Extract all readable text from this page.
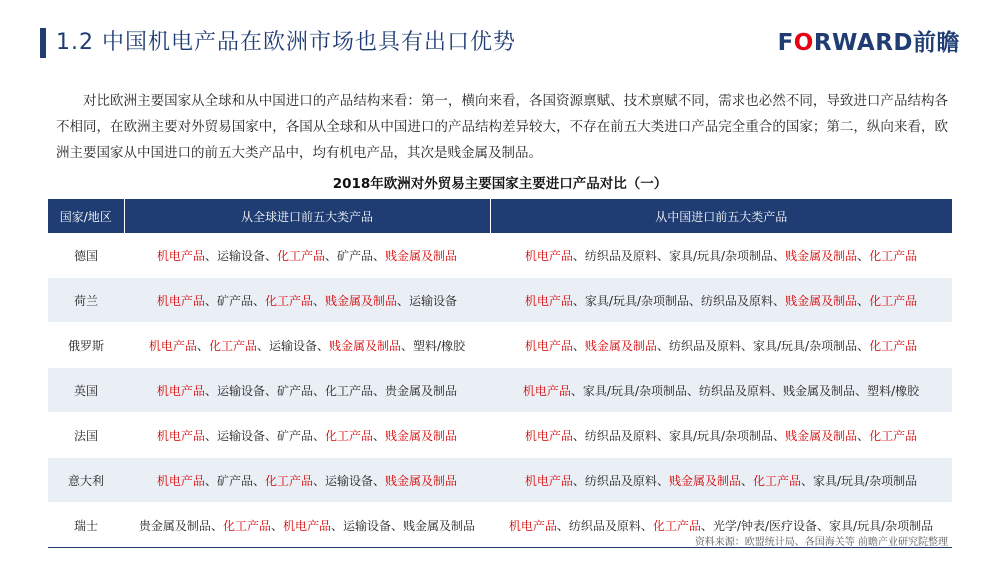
1.2 中国机电产品在欧洲市场也具有出口优势	FORWARD前瞻

对比欧洲主要国家从全球和从中国进口的产品结构来看：第一，横向来看，各国资源禀赋、技术禀赋不同，需求也必然不同，导致进口产品结构各不相同，在欧洲主要对外贸易国家中，各国从全球和从中国进口的产品结构差异较大，不存在前五大类进口产品完全重合的国家；第二，纵向来看，欧洲主要国家从中国进口的前五大类产品中，均有机电产品，其次是贱金属及制品。

2018年欧洲对外贸易主要国家主要进口产品对比（一）
国家/地区	从全球进口前五大类产品	从中国进口前五大类产品
德国	机电产品、运输设备、化工产品、矿产品、贱金属及制品	机电产品、纺织品及原料、家具/玩具/杂项制品、贱金属及制品、化工产品
荷兰	机电产品、矿产品、化工产品、贱金属及制品、运输设备	机电产品、家具/玩具/杂项制品、纺织品及原料、贱金属及制品、化工产品
俄罗斯	机电产品、化工产品、运输设备、贱金属及制品、塑料/橡胶	机电产品、贱金属及制品、纺织品及原料、家具/玩具/杂项制品、化工产品
英国	机电产品、运输设备、矿产品、化工产品、贵金属及制品	机电产品、家具/玩具/杂项制品、纺织品及原料、贱金属及制品、塑料/橡胶
法国	机电产品、运输设备、矿产品、化工产品、贱金属及制品	机电产品、纺织品及原料、家具/玩具/杂项制品、贱金属及制品、化工产品
意大利	机电产品、矿产品、化工产品、运输设备、贱金属及制品	机电产品、纺织品及原料、贱金属及制品、化工产品、家具/玩具/杂项制品
瑞士	贵金属及制品、化工产品、机电产品、运输设备、贱金属及制品	机电产品、纺织品及原料、化工产品、光学/钟表/医疗设备、家具/玩具/杂项制品
资料来源：欧盟统计局、各国海关等 前瞻产业研究院整理
